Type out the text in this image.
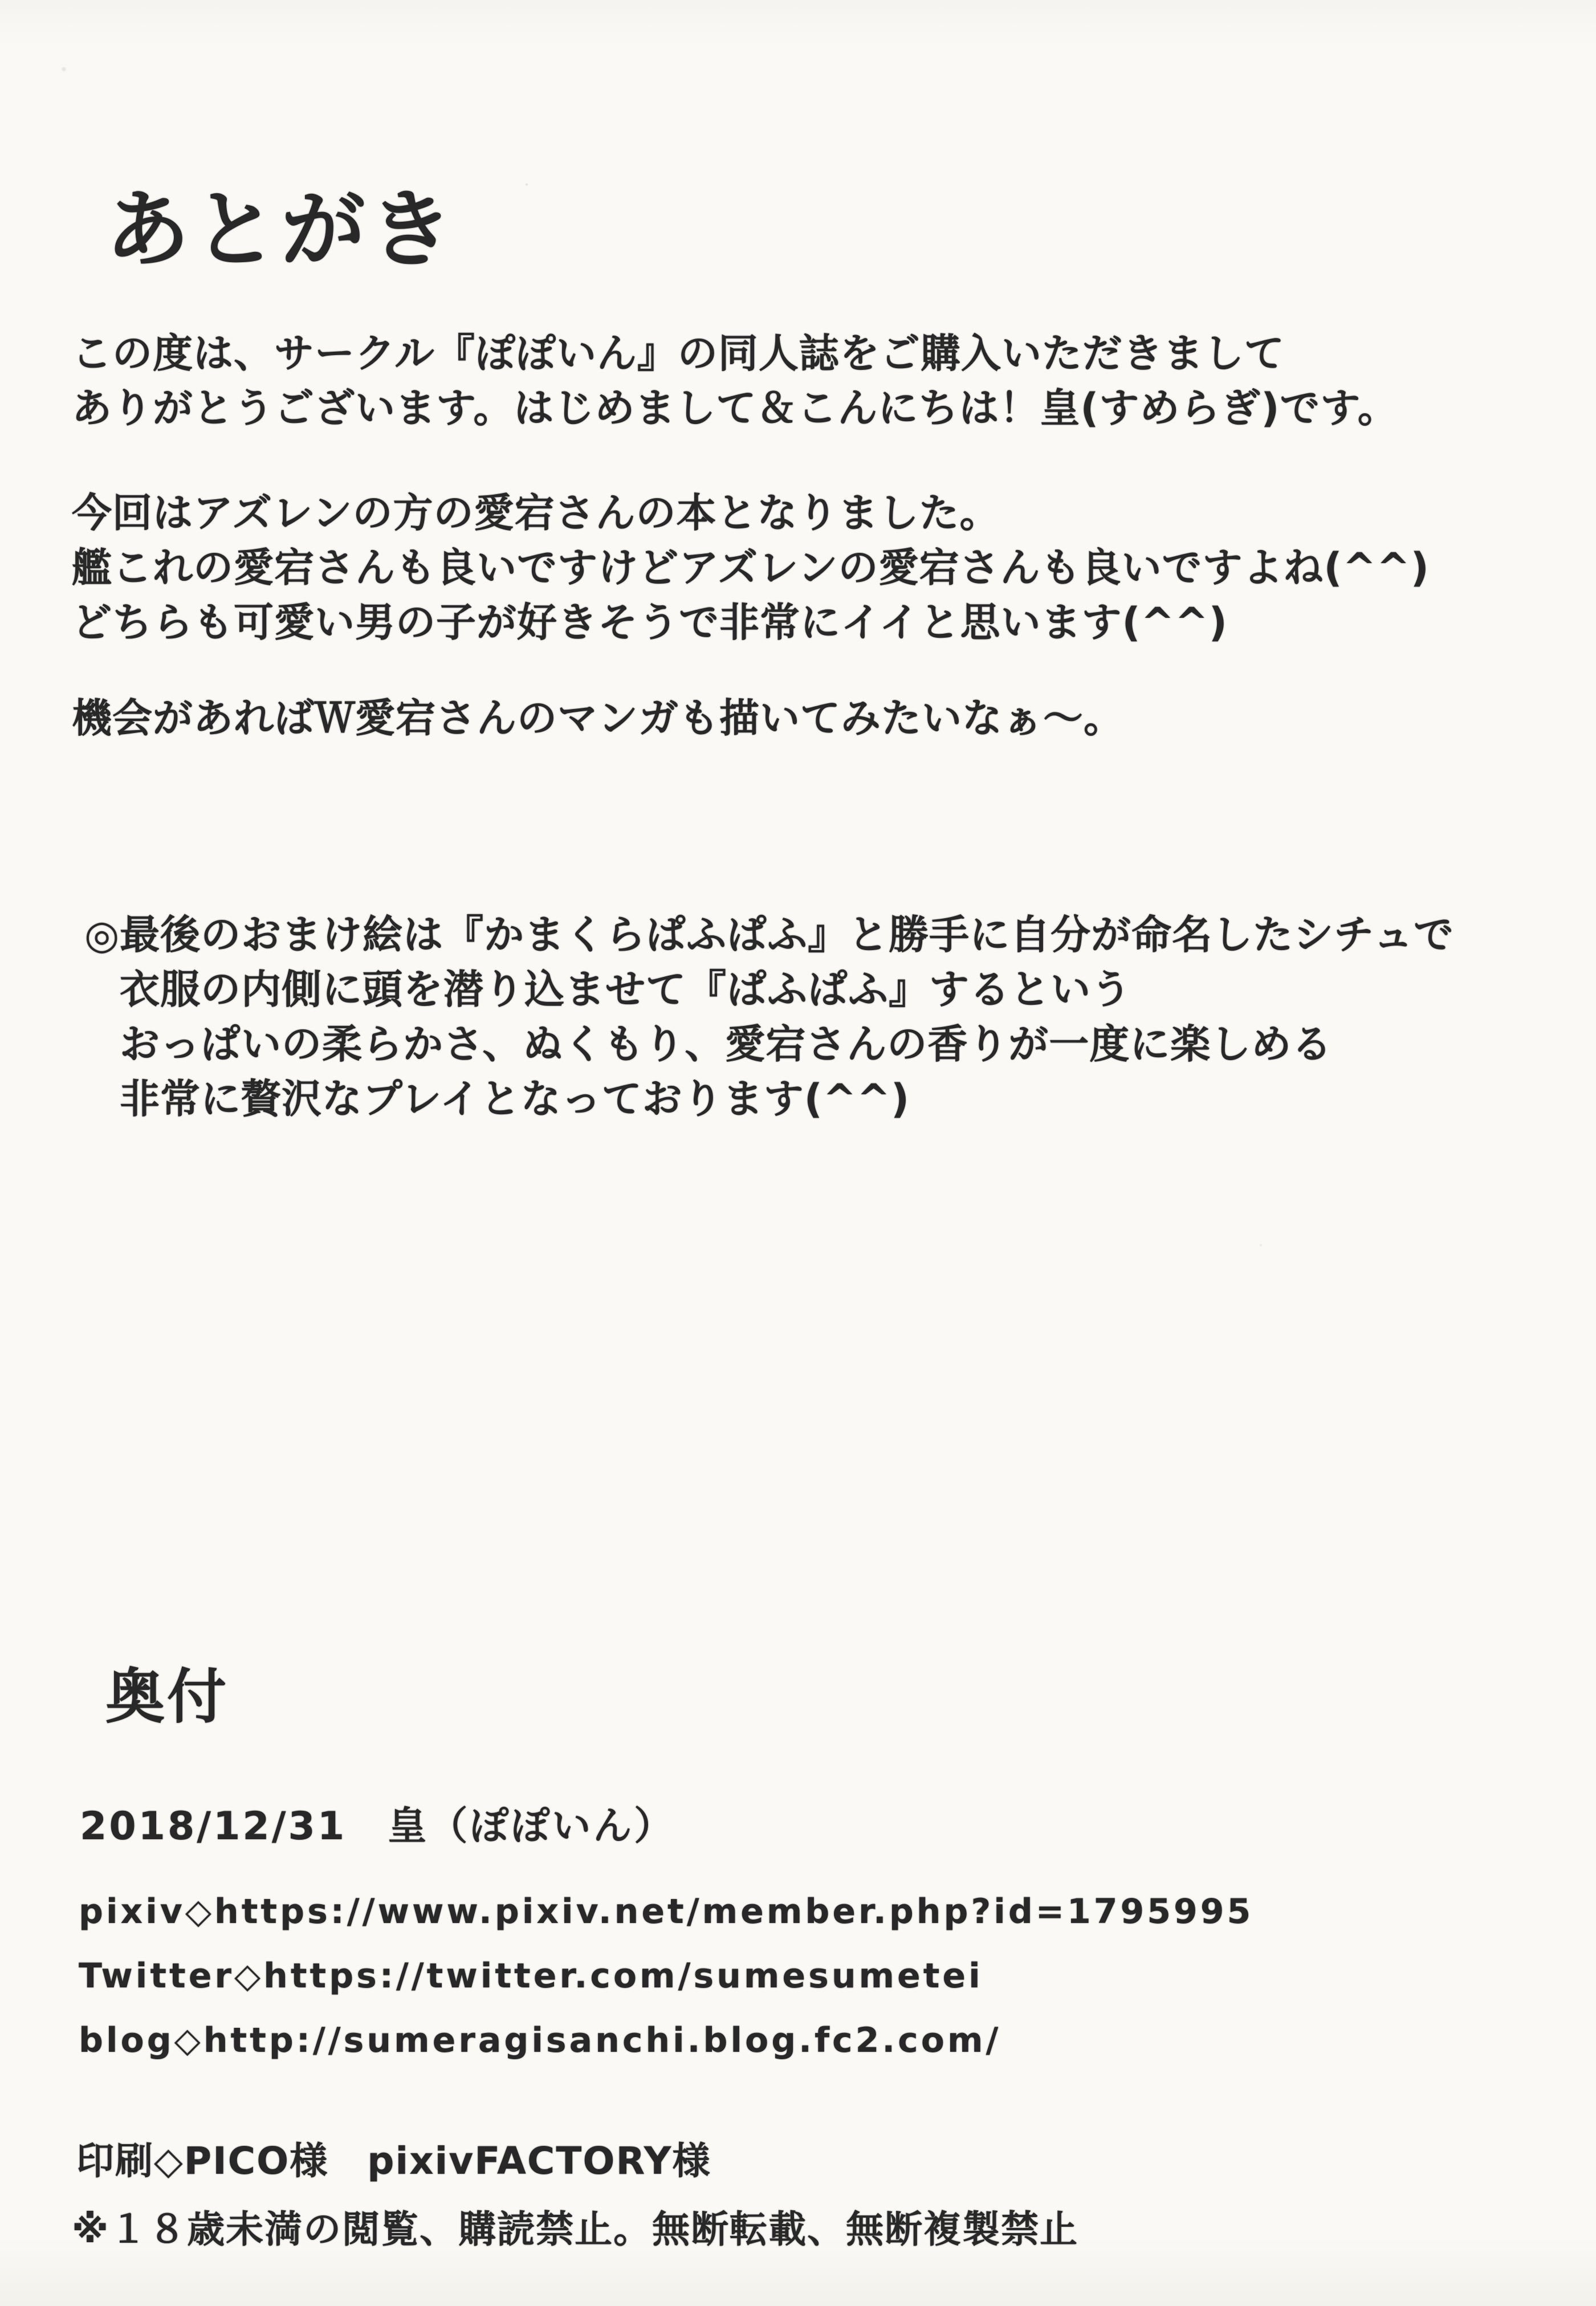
あとがき
この度は、サークル『ぽぽいん』の同人誌をご購入いただきまして
ありがとうございます。はじめまして＆こんにちは！皇(すめらぎ)です。
今回はアズレンの方の愛宕さんの本となりました。
艦これの愛宕さんも良いですけどアズレンの愛宕さんも良いですよね(^^)
どちらも可愛い男の子が好きそうで非常にイイと思います(^^)
機会があればＷ愛宕さんのマンガも描いてみたいなぁ〜。
◎最後のおまけ絵は『かまくらぱふぱふ』と勝手に自分が命名したシチュで
衣服の内側に頭を潜り込ませて『ぱふぱふ』するという
おっぱいの柔らかさ、ぬくもり、愛宕さんの香りが一度に楽しめる
非常に贅沢なプレイとなっております(^^)
奥付
2018/12/31　皇（ぽぽいん）
pixiv◇https://www.pixiv.net/member.php?id=1795995
Twitter◇https://twitter.com/sumesumetei
blog◇http://sumeragisanchi.blog.fc2.com/
印刷◇PICO様　pixivFACTORY様
※１８歳未満の閲覧、購読禁止。無断転載、無断複製禁止
